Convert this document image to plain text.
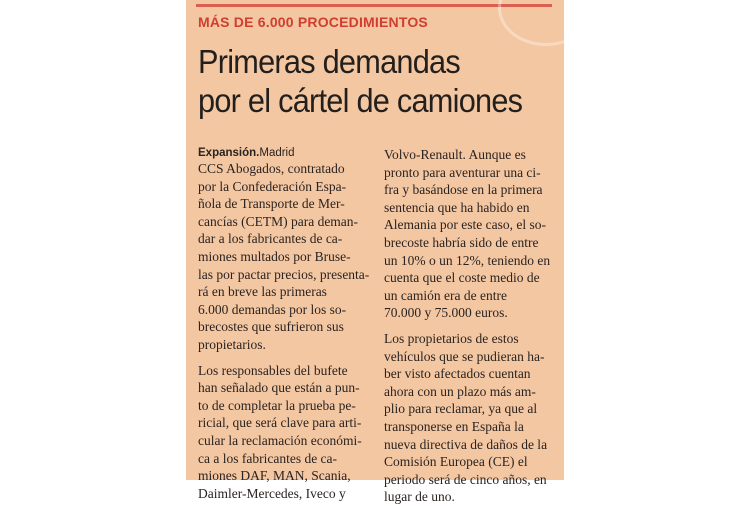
MÁS DE 6.000 PROCEDIMIENTOS
Primeras demandas
por el cártel de camiones
Expansión.Madrid
CCS Abogados, contratado
por la Confederación Espa-
ñola de Transporte de Mer-
cancías (CETM) para deman-
dar a los fabricantes de ca-
miones multados por Bruse-
las por pactar precios, presenta-
rá en breve las primeras
6.000 demandas por los so-
brecostes que sufrieron sus
propietarios.
Los responsables del bufete
han señalado que están a pun-
to de completar la prueba pe-
ricial, que será clave para arti-
cular la reclamación económi-
ca a los fabricantes de ca-
miones DAF, MAN, Scania,
Daimler-Mercedes, Iveco y
Volvo-Renault. Aunque es
pronto para aventurar una ci-
fra y basándose en la primera
sentencia que ha habido en
Alemania por este caso, el so-
brecoste habría sido de entre
un 10% o un 12%, teniendo en
cuenta que el coste medio de
un camión era de entre
70.000 y 75.000 euros.
Los propietarios de estos
vehículos que se pudieran ha-
ber visto afectados cuentan
ahora con un plazo más am-
plio para reclamar, ya que al
transponerse en España la
nueva directiva de daños de la
Comisión Europea (CE) el
periodo será de cinco años, en
lugar de uno.
